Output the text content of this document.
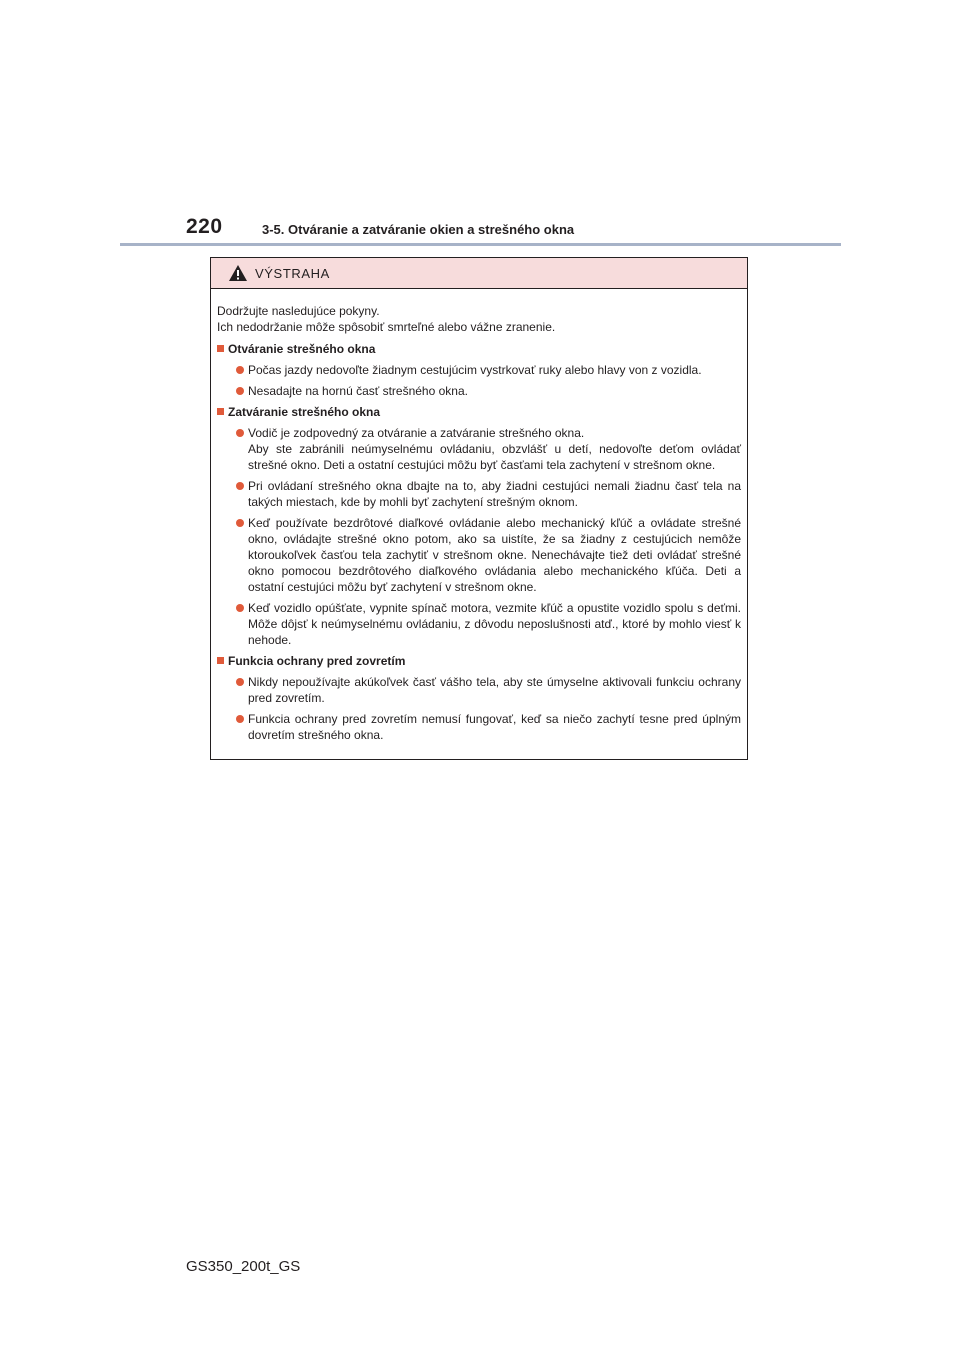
220	3-5. Otváranie a zatváranie okien a strešného okna
VÝSTRAHA

Dodržujte nasledujúce pokyny.
Ich nedodržanie môže spôsobiť smrteľné alebo vážne zranenie.

Otváranie strešného okna
Počas jazdy nedovoľte žiadnym cestujúcim vystrkovať ruky alebo hlavy von z vozidla.
Nesadajte na hornú časť strešného okna.
Zatváranie strešného okna
Vodič je zodpovedný za otváranie a zatváranie strešného okna.
Aby ste zabránili neúmyselnému ovládaniu, obzvlášť u detí, nedovoľte deťom ovládať strešné okno. Deti a ostatní cestujúci môžu byť časťami tela zachytení v strešnom okne.
Pri ovládaní strešného okna dbajte na to, aby žiadni cestujúci nemali žiadnu časť tela na takých miestach, kde by mohli byť zachytení strešným oknom.
Keď používate bezdrôtové diaľkové ovládanie alebo mechanický kľúč a ovládate strešné okno, ovládajte strešné okno potom, ako sa uistíte, že sa žiadny z cestujúcich nemôže ktoroukoľvek časťou tela zachytiť v strešnom okne. Nenechávajte tiež deti ovládať strešné okno pomocou bezdrôtového diaľkového ovládania alebo mechanického kľúča. Deti a ostatní cestujúci môžu byť zachytení v strešnom okne.
Keď vozidlo opúšťate, vypnite spínač motora, vezmite kľúč a opustite vozidlo spolu s deťmi. Môže dôjsť k neúmyselnému ovládaniu, z dôvodu neposlušnosti atď., ktoré by mohlo viesť k nehode.
Funkcia ochrany pred zovretím
Nikdy nepoužívajte akúkoľvek časť vášho tela, aby ste úmyselne aktivovali funkciu ochrany pred zovretím.
Funkcia ochrany pred zovretím nemusí fungovať, keď sa niečo zachytí tesne pred úplným dovretím strešného okna.
GS350_200t_GS
